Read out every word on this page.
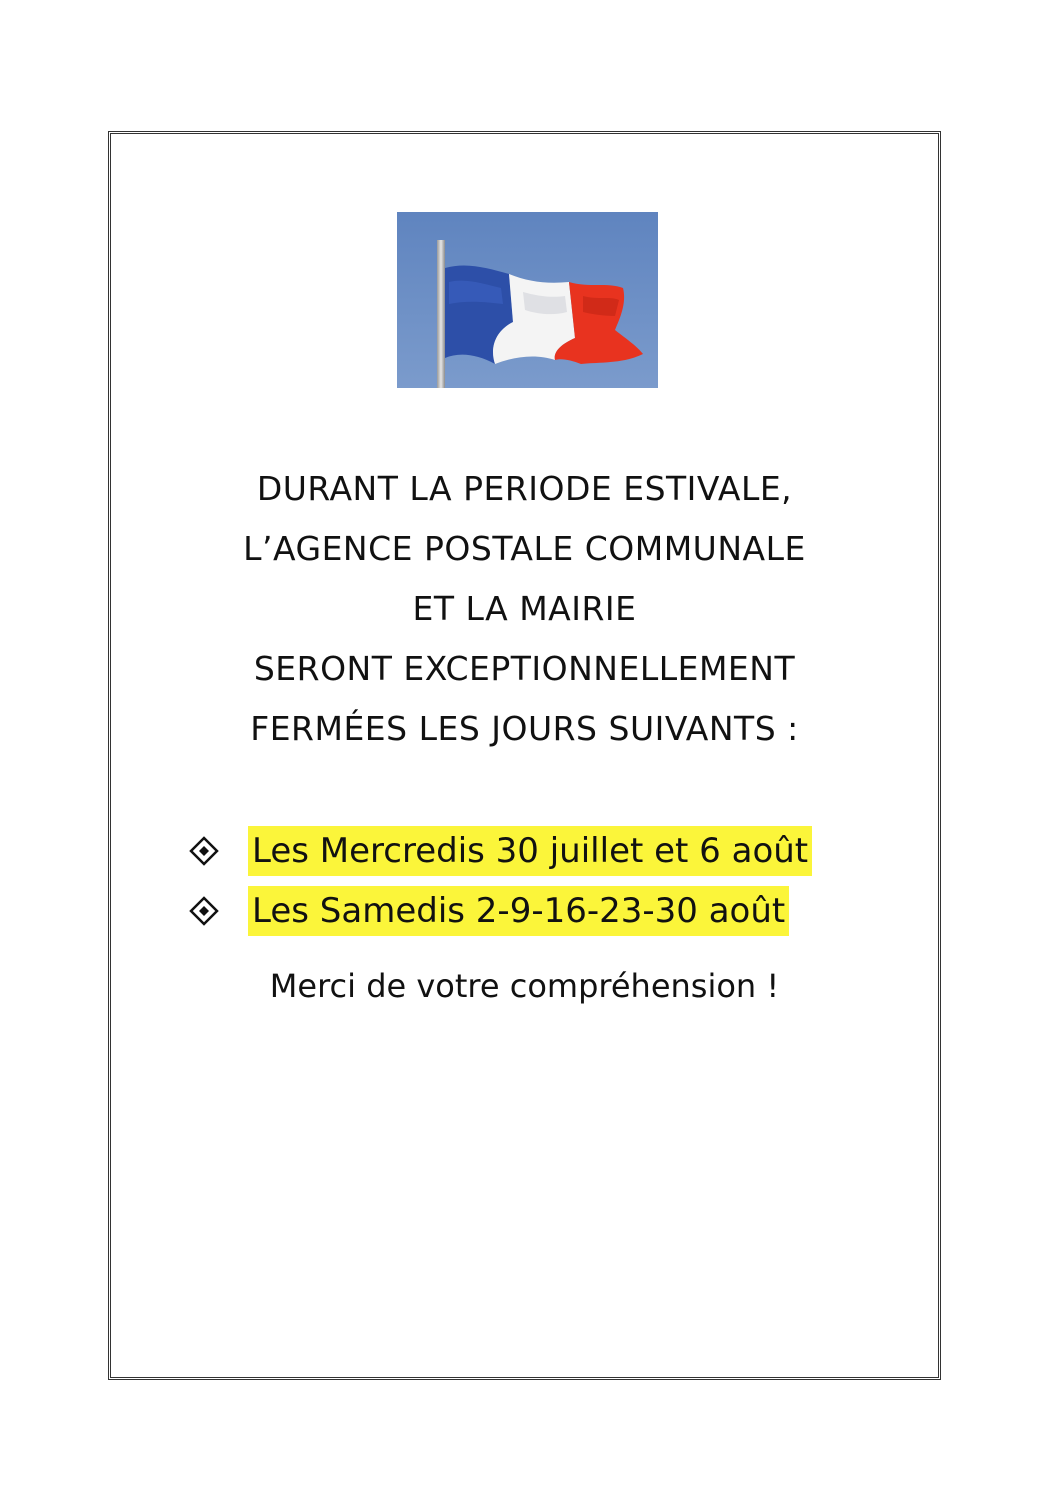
DURANT LA PERIODE ESTIVALE,
L’AGENCE POSTALE COMMUNALE
ET LA MAIRIE
SERONT EXCEPTIONNELLEMENT
FERMÉES LES JOURS SUIVANTS :
Les Mercredis 30 juillet et 6 août
Les Samedis 2-9-16-23-30 août
Merci de votre compréhension !
